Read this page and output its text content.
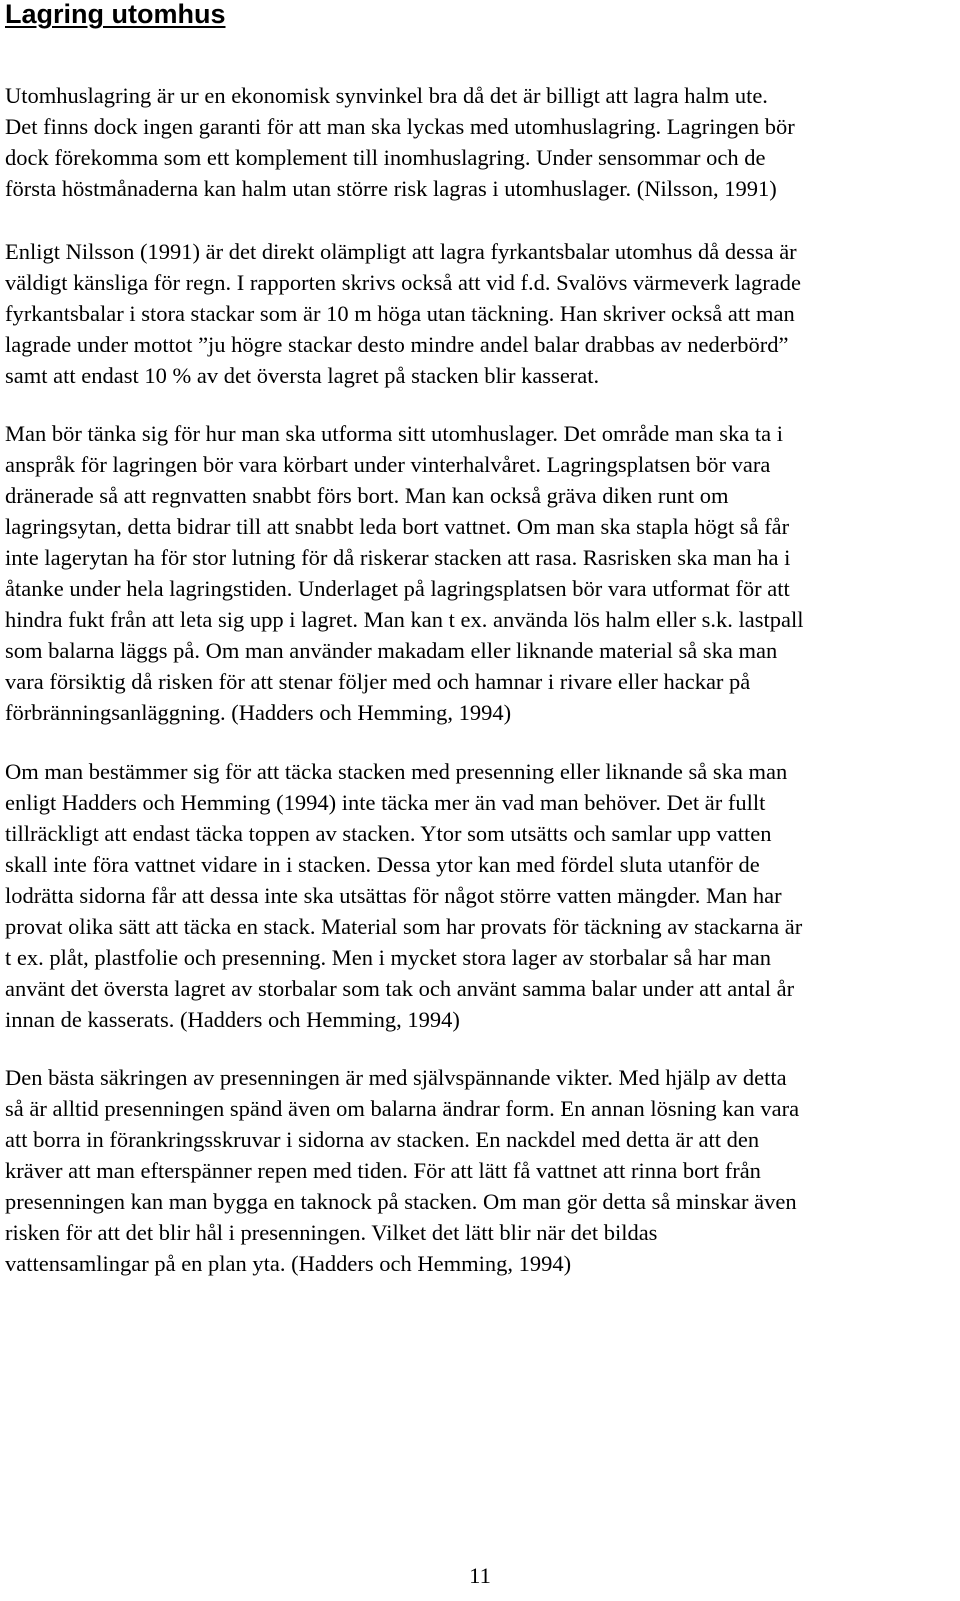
Lagring utomhus

Utomhuslagring är ur en ekonomisk synvinkel bra då det är billigt att lagra halm ute.
Det finns dock ingen garanti för att man ska lyckas med utomhuslagring. Lagringen bör
dock förekomma som ett komplement till inomhuslagring. Under sensommar och de
första höstmånaderna kan halm utan större risk lagras i utomhuslager. (Nilsson, 1991)

Enligt Nilsson (1991) är det direkt olämpligt att lagra fyrkantsbalar utomhus då dessa är
väldigt känsliga för regn. I rapporten skrivs också att vid f.d. Svalövs värmeverk lagrade
fyrkantsbalar i stora stackar som är 10 m höga utan täckning. Han skriver också att man
lagrade under mottot ”ju högre stackar desto mindre andel balar drabbas av nederbörd”
samt att endast 10 % av det översta lagret på stacken blir kasserat.

Man bör tänka sig för hur man ska utforma sitt utomhuslager. Det område man ska ta i
anspråk för lagringen bör vara körbart under vinterhalvåret. Lagringsplatsen bör vara
dränerade så att regnvatten snabbt förs bort. Man kan också gräva diken runt om
lagringsytan, detta bidrar till att snabbt leda bort vattnet. Om man ska stapla högt så får
inte lagerytan ha för stor lutning för då riskerar stacken att rasa. Rasrisken ska man ha i
åtanke under hela lagringstiden. Underlaget på lagringsplatsen bör vara utformat för att
hindra fukt från att leta sig upp i lagret. Man kan t ex. använda lös halm eller s.k. lastpall
som balarna läggs på. Om man använder makadam eller liknande material så ska man
vara försiktig då risken för att stenar följer med och hamnar i rivare eller hackar på
förbränningsanläggning. (Hadders och Hemming, 1994)

Om man bestämmer sig för att täcka stacken med presenning eller liknande så ska man
enligt Hadders och Hemming (1994) inte täcka mer än vad man behöver. Det är fullt
tillräckligt att endast täcka toppen av stacken. Ytor som utsätts och samlar upp vatten
skall inte föra vattnet vidare in i stacken. Dessa ytor kan med fördel sluta utanför de
lodrätta sidorna får att dessa inte ska utsättas för något större vatten mängder. Man har
provat olika sätt att täcka en stack. Material som har provats för täckning av stackarna är
t ex. plåt, plastfolie och presenning. Men i mycket stora lager av storbalar så har man
använt det översta lagret av storbalar som tak och använt samma balar under att antal år
innan de kasserats. (Hadders och Hemming, 1994)

Den bästa säkringen av presenningen är med självspännande vikter. Med hjälp av detta
så är alltid presenningen spänd även om balarna ändrar form. En annan lösning kan vara
att borra in förankringsskruvar i sidorna av stacken. En nackdel med detta är att den
kräver att man efterspänner repen med tiden. För att lätt få vattnet att rinna bort från
presenningen kan man bygga en taknock på stacken. Om man gör detta så minskar även
risken för att det blir hål i presenningen. Vilket det lätt blir när det bildas
vattensamlingar på en plan yta. (Hadders och Hemming, 1994)

11
